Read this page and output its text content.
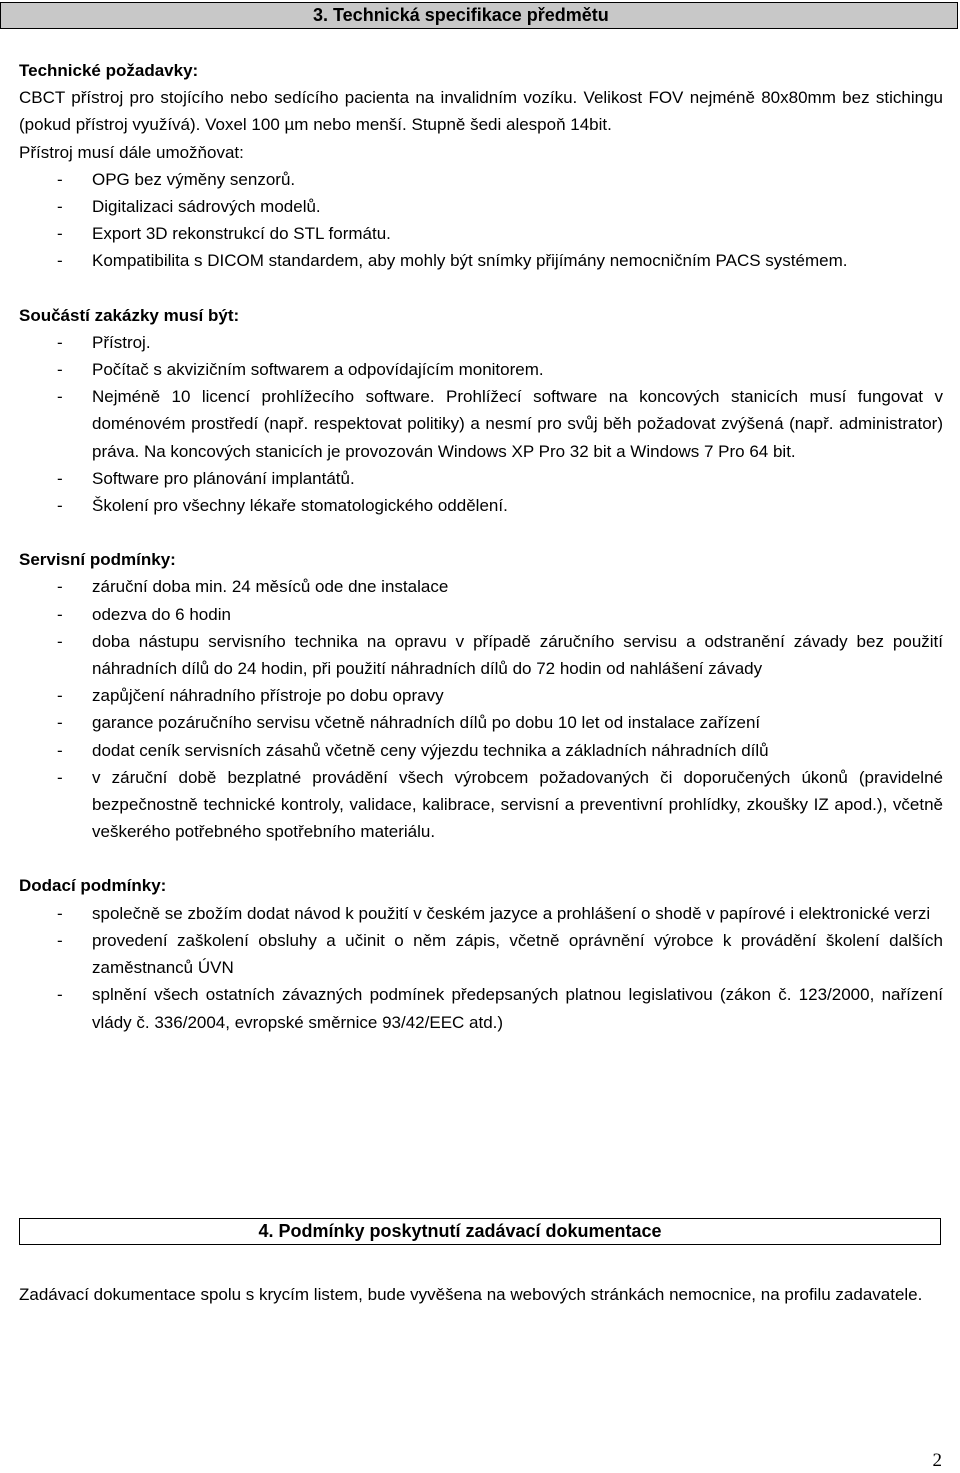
3. Technická specifikace předmětu

Technické požadavky:

CBCT přístroj pro stojícího nebo sedícího pacienta na invalidním vozíku. Velikost FOV nejméně 80x80mm bez stichingu (pokud přístroj využívá). Voxel 100 µm nebo menší. Stupně šedi alespoň 14bit.

Přístroj musí dále umožňovat:

- OPG bez výměny senzorů.
- Digitalizaci sádrových modelů.
- Export 3D rekonstrukcí do STL formátu.
- Kompatibilita s DICOM standardem, aby mohly být snímky přijímány nemocničním PACS systémem.

Součástí zakázky musí být:

- Přístroj.
- Počítač s akvizičním softwarem a odpovídajícím monitorem.
- Nejméně 10 licencí prohlížecího software. Prohlížecí software na koncových stanicích musí fungovat v doménovém prostředí (např. respektovat politiky) a nesmí pro svůj běh požadovat zvýšená (např. administrator) práva. Na koncových stanicích je provozován Windows XP Pro 32 bit a Windows 7 Pro 64 bit.
- Software pro plánování implantátů.
- Školení pro všechny lékaře stomatologického oddělení.

Servisní podmínky:

- záruční doba min. 24 měsíců ode dne instalace
- odezva do 6 hodin
- doba nástupu servisního technika na opravu v případě záručního servisu a odstranění závady bez použití náhradních dílů do 24 hodin, při použití náhradních dílů do 72 hodin od nahlášení závady
- zapůjčení náhradního přístroje po dobu opravy
- garance pozáručního servisu včetně náhradních dílů po dobu 10 let od instalace zařízení
- dodat ceník servisních zásahů včetně ceny výjezdu technika a základních náhradních dílů
- v záruční době bezplatné provádění všech výrobcem požadovaných či doporučených úkonů (pravidelné bezpečnostně technické kontroly, validace, kalibrace, servisní a preventivní prohlídky, zkoušky IZ apod.), včetně veškerého potřebného spotřebního materiálu.

Dodací podmínky:

- společně se zbožím dodat návod k použití v českém jazyce a prohlášení o shodě v papírové i elektronické verzi
- provedení zaškolení obsluhy a učinit o něm zápis, včetně oprávnění výrobce k provádění školení dalších zaměstnanců ÚVN
- splnění všech ostatních závazných podmínek předepsaných platnou legislativou (zákon č. 123/2000, nařízení vlády č. 336/2004, evropské směrnice 93/42/EEC atd.)
4. Podmínky poskytnutí zadávací dokumentace

Zadávací dokumentace spolu s krycím listem, bude vyvěšena na webových stránkách nemocnice, na profilu zadavatele.

2
